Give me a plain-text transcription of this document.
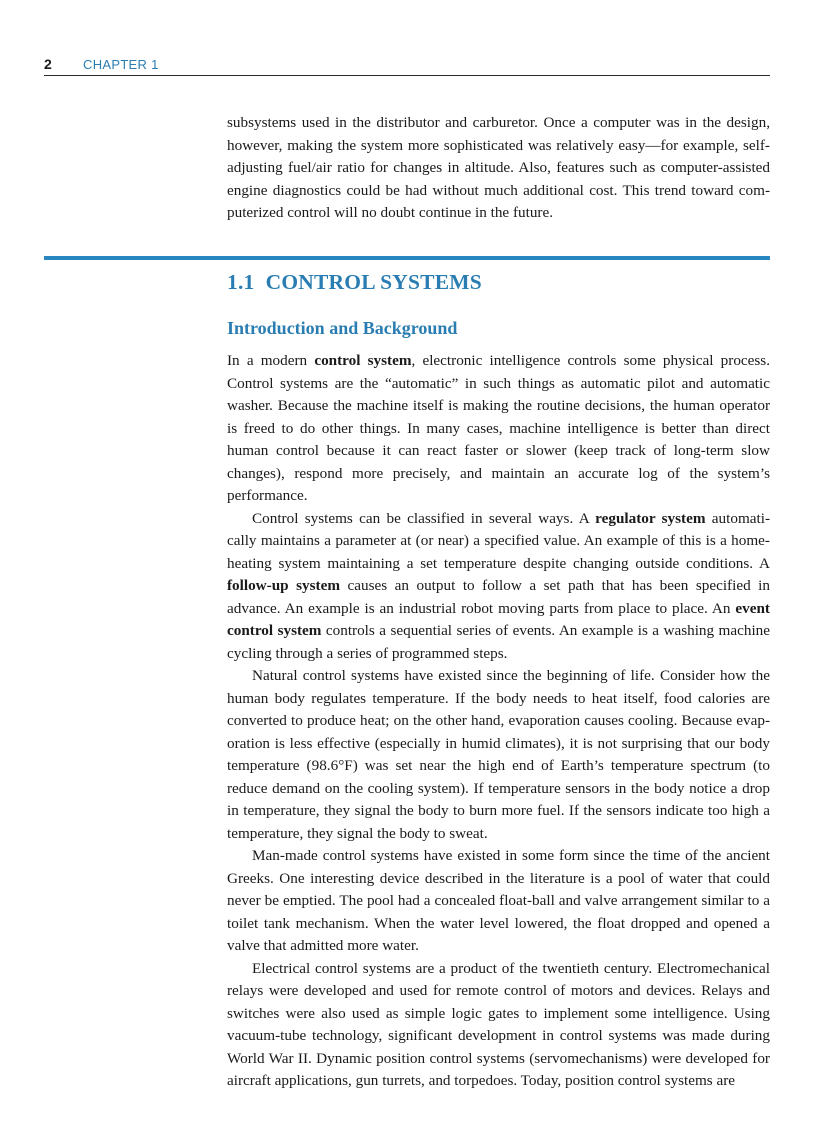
2 CHAPTER 1

subsystems used in the distributor and carburetor. Once a computer was in the design, however, making the system more sophisticated was relatively easy—for example, self-adjusting fuel/air ratio for changes in altitude. Also, features such as computer-assisted engine diagnostics could be had without much additional cost. This trend toward com-puterized control will no doubt continue in the future.

1.1 CONTROL SYSTEMS
Introduction and Background

In a modern control system, electronic intelligence controls some physical process. Control systems are the “automatic” in such things as automatic pilot and automatic washer. Because the machine itself is making the routine decisions, the human operator is freed to do other things. In many cases, machine intelligence is better than direct human control because it can react faster or slower (keep track of long-term slow changes), respond more precisely, and maintain an accurate log of the system’s performance.

Control systems can be classified in several ways. A regulator system automati-cally maintains a parameter at (or near) a specified value. An example of this is a home-heating system maintaining a set temperature despite changing outside conditions. A follow-up system causes an output to follow a set path that has been specified in advance. An example is an industrial robot moving parts from place to place. An event control system controls a sequential series of events. An example is a washing machine cycling through a series of programmed steps.

Natural control systems have existed since the beginning of life. Consider how the human body regulates temperature. If the body needs to heat itself, food calories are converted to produce heat; on the other hand, evaporation causes cooling. Because evap-oration is less effective (especially in humid climates), it is not surprising that our body temperature (98.6°F) was set near the high end of Earth’s temperature spectrum (to reduce demand on the cooling system). If temperature sensors in the body notice a drop in temperature, they signal the body to burn more fuel. If the sensors indicate too high a temperature, they signal the body to sweat.

Man-made control systems have existed in some form since the time of the ancient Greeks. One interesting device described in the literature is a pool of water that could never be emptied. The pool had a concealed float-ball and valve arrangement similar to a toilet tank mechanism. When the water level lowered, the float dropped and opened a valve that admitted more water.

Electrical control systems are a product of the twentieth century. Electromechanical relays were developed and used for remote control of motors and devices. Relays and switches were also used as simple logic gates to implement some intelligence. Using vacuum-tube technology, significant development in control systems was made during World War II. Dynamic position control systems (servomechanisms) were developed for aircraft applications, gun turrets, and torpedoes. Today, position control systems are
